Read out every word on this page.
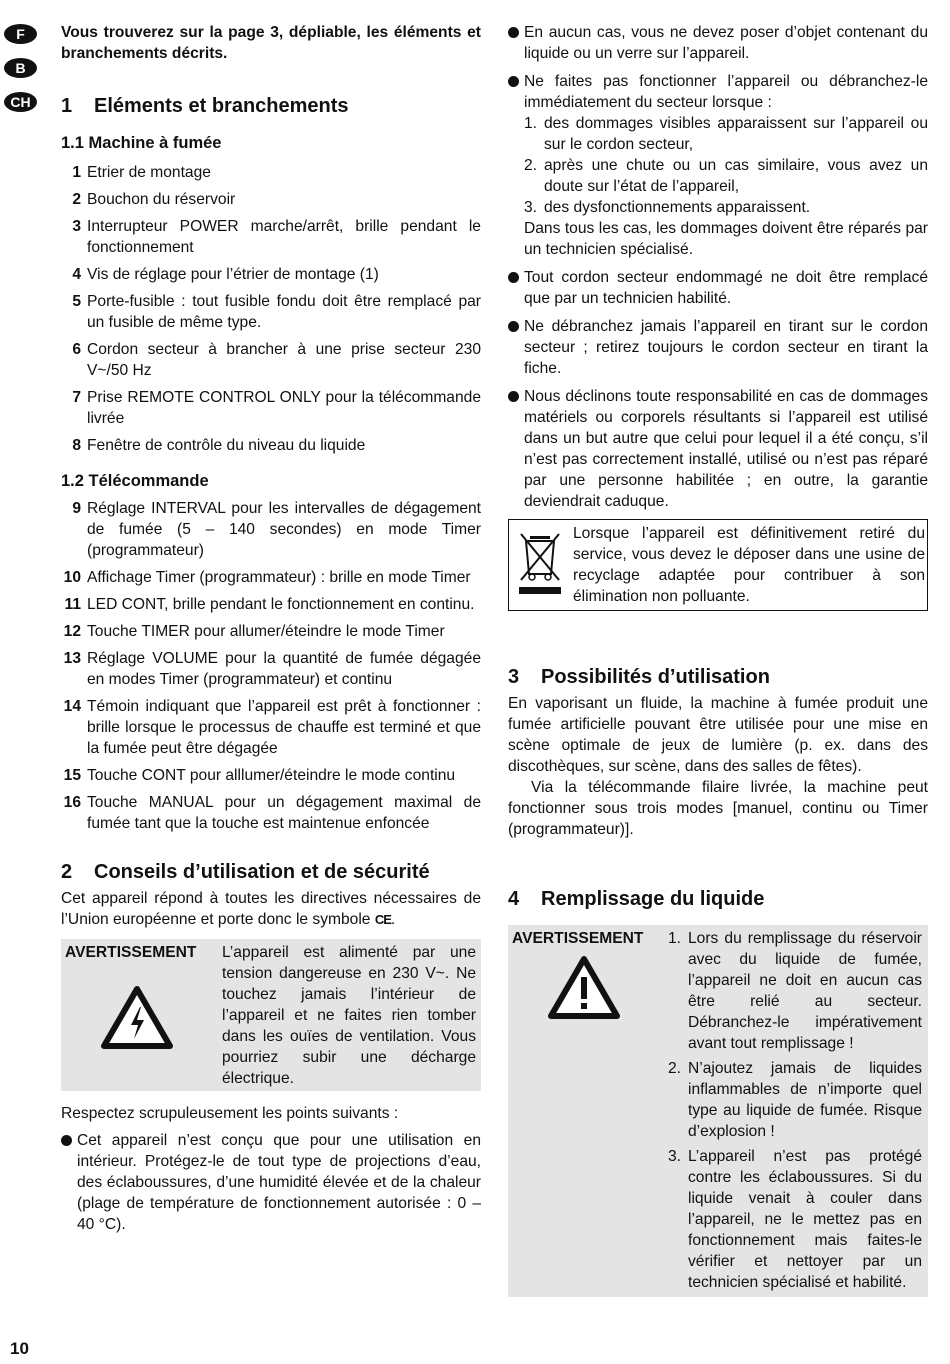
F
B
CH

Vous trouverez sur la page 3, dépliable, les éléments et branchements décrits.

1 Eléments et branchements
1.1 Machine à fumée
1 Etrier de montage
2 Bouchon du réservoir
3 Interrupteur POWER marche/arrêt, brille pendant le fonctionnement
4 Vis de réglage pour l’étrier de montage (1)
5 Porte-fusible : tout fusible fondu doit être remplacé par un fusible de même type.
6 Cordon secteur à brancher à une prise secteur 230 V~/50 Hz
7 Prise REMOTE CONTROL ONLY pour la télécommande livrée
8 Fenêtre de contrôle du niveau du liquide
1.2 Télécommande
9 Réglage INTERVAL pour les intervalles de dégagement de fumée (5 – 140 secondes) en mode Timer (programmateur)
10 Affichage Timer (programmateur) : brille en mode Timer
11 LED CONT, brille pendant le fonctionnement en continu.
12 Touche TIMER pour allumer/éteindre le mode Timer
13 Réglage VOLUME pour la quantité de fumée dégagée en modes Timer (programmateur) et continu
14 Témoin indiquant que l’appareil est prêt à fonctionner : brille lorsque le processus de chauffe est terminé et que la fumée peut être dégagée
15 Touche CONT pour alllumer/éteindre le mode continu
16 Touche MANUAL pour un dégagement maximal de fumée tant que la touche est maintenue enfoncée
2 Conseils d’utilisation et de sécurité

Cet appareil répond à toutes les directives nécessaires de l’Union européenne et porte donc le symbole CE.

AVERTISSEMENT L’appareil est alimenté par une tension dangereuse en 230 V~. Ne touchez jamais l’intérieur de l’appareil et ne faites rien tomber dans les ouïes de ventilation. Vous pourriez subir une décharge électrique.

Respectez scrupuleusement les points suivants :

Cet appareil n’est conçu que pour une utilisation en intérieur. Protégez-le de tout type de projections d’eau, des éclaboussures, d’une humidité élevée et de la chaleur (plage de température de fonctionnement autorisée : 0 – 40 °C).
En aucun cas, vous ne devez poser d’objet contenant du liquide ou un verre sur l’appareil.
Ne faites pas fonctionner l’appareil ou débranchez-le immédiatement du secteur lorsque :
1. des dommages visibles apparaissent sur l’appareil ou sur le cordon secteur,
2. après une chute ou un cas similaire, vous avez un doute sur l’état de l’appareil,
3. des dysfonctionnements apparaissent.

Dans tous les cas, les dommages doivent être réparés par un technicien spécialisé.

Tout cordon secteur endommagé ne doit être remplacé que par un technicien habilité.
Ne débranchez jamais l’appareil en tirant sur le cordon secteur ; retirez toujours le cordon secteur en tirant la fiche.
Nous déclinons toute responsabilité en cas de dommages matériels ou corporels résultants si l’appareil est utilisé dans un but autre que celui pour lequel il a été conçu, s’il n’est pas correctement installé, utilisé ou n’est pas réparé par une personne habilitée ; en outre, la garantie deviendrait caduque.

Lorsque l’appareil est définitivement retiré du service, vous devez le déposer dans une usine de recyclage adaptée pour contribuer à son élimination non polluante.

3 Possibilités d’utilisation

En vaporisant un fluide, la machine à fumée produit une fumée artificielle pouvant être utilisée pour une mise en scène optimale de jeux de lumière (p. ex. dans des discothèques, sur scène, dans des salles de fêtes).

Via la télécommande filaire livrée, la machine peut fonctionner sous trois modes [manuel, continu ou Timer (programmateur)].

4 Remplissage du liquide
AVERTISSEMENT 1. Lors du remplissage du réservoir avec du liquide de fumée, l’appareil ne doit en aucun cas être relié au secteur. Débranchez-le impérativement avant tout remplissage !
2. N’ajoutez jamais de liquides inflammables de n’importe quel type au liquide de fumée. Risque d’explosion !
3. L’appareil n’est pas protégé contre les éclaboussures. Si du liquide venait à couler dans l’appareil, ne le mettez pas en fonctionnement mais faites-le vérifier et nettoyer par un technicien spécialisé et habilité.
10
